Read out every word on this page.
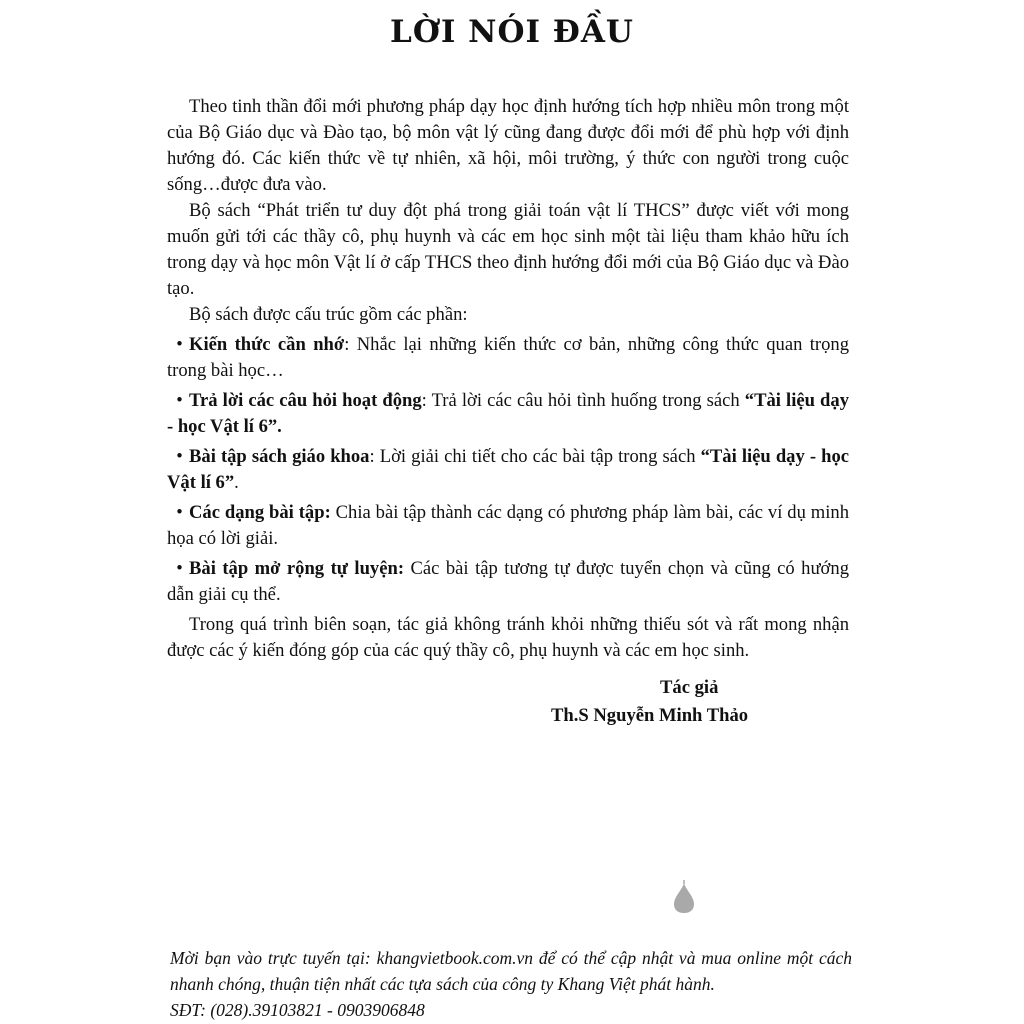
LỜI NÓI ĐẦU

Theo tinh thần đổi mới phương pháp dạy học định hướng tích hợp nhiều môn trong một của Bộ Giáo dục và Đào tạo, bộ môn vật lý cũng đang được đổi mới để phù hợp với định hướng đó. Các kiến thức về tự nhiên, xã hội, môi trường, ý thức con người trong cuộc sống…được đưa vào.

Bộ sách “Phát triển tư duy đột phá trong giải toán vật lí THCS” được viết với mong muốn gửi tới các thầy cô, phụ huynh và các em học sinh một tài liệu tham khảo hữu ích trong dạy và học môn Vật lí ở cấp THCS theo định hướng đổi mới của Bộ Giáo dục và Đào tạo.

Bộ sách được cấu trúc gồm các phần:

• Kiến thức cần nhớ: Nhắc lại những kiến thức cơ bản, những công thức quan trọng trong bài học…

• Trả lời các câu hỏi hoạt động: Trả lời các câu hỏi tình huống trong sách “Tài liệu dạy - học Vật lí 6”.

• Bài tập sách giáo khoa: Lời giải chi tiết cho các bài tập trong sách “Tài liệu dạy - học Vật lí 6”.

• Các dạng bài tập: Chia bài tập thành các dạng có phương pháp làm bài, các ví dụ minh họa có lời giải.

• Bài tập mở rộng tự luyện: Các bài tập tương tự được tuyển chọn và cũng có hướng dẫn giải cụ thể.

Trong quá trình biên soạn, tác giả không tránh khỏi những thiếu sót và rất mong nhận được các ý kiến đóng góp của các quý thầy cô, phụ huynh và các em học sinh.

Tác giả
Th.S Nguyễn Minh Thảo
Mời bạn vào trực tuyến tại: khangvietbook.com.vn để có thể cập nhật và mua online một cách nhanh chóng, thuận tiện nhất các tựa sách của công ty Khang Việt phát hành.
SĐT: (028).39103821 - 0903906848
